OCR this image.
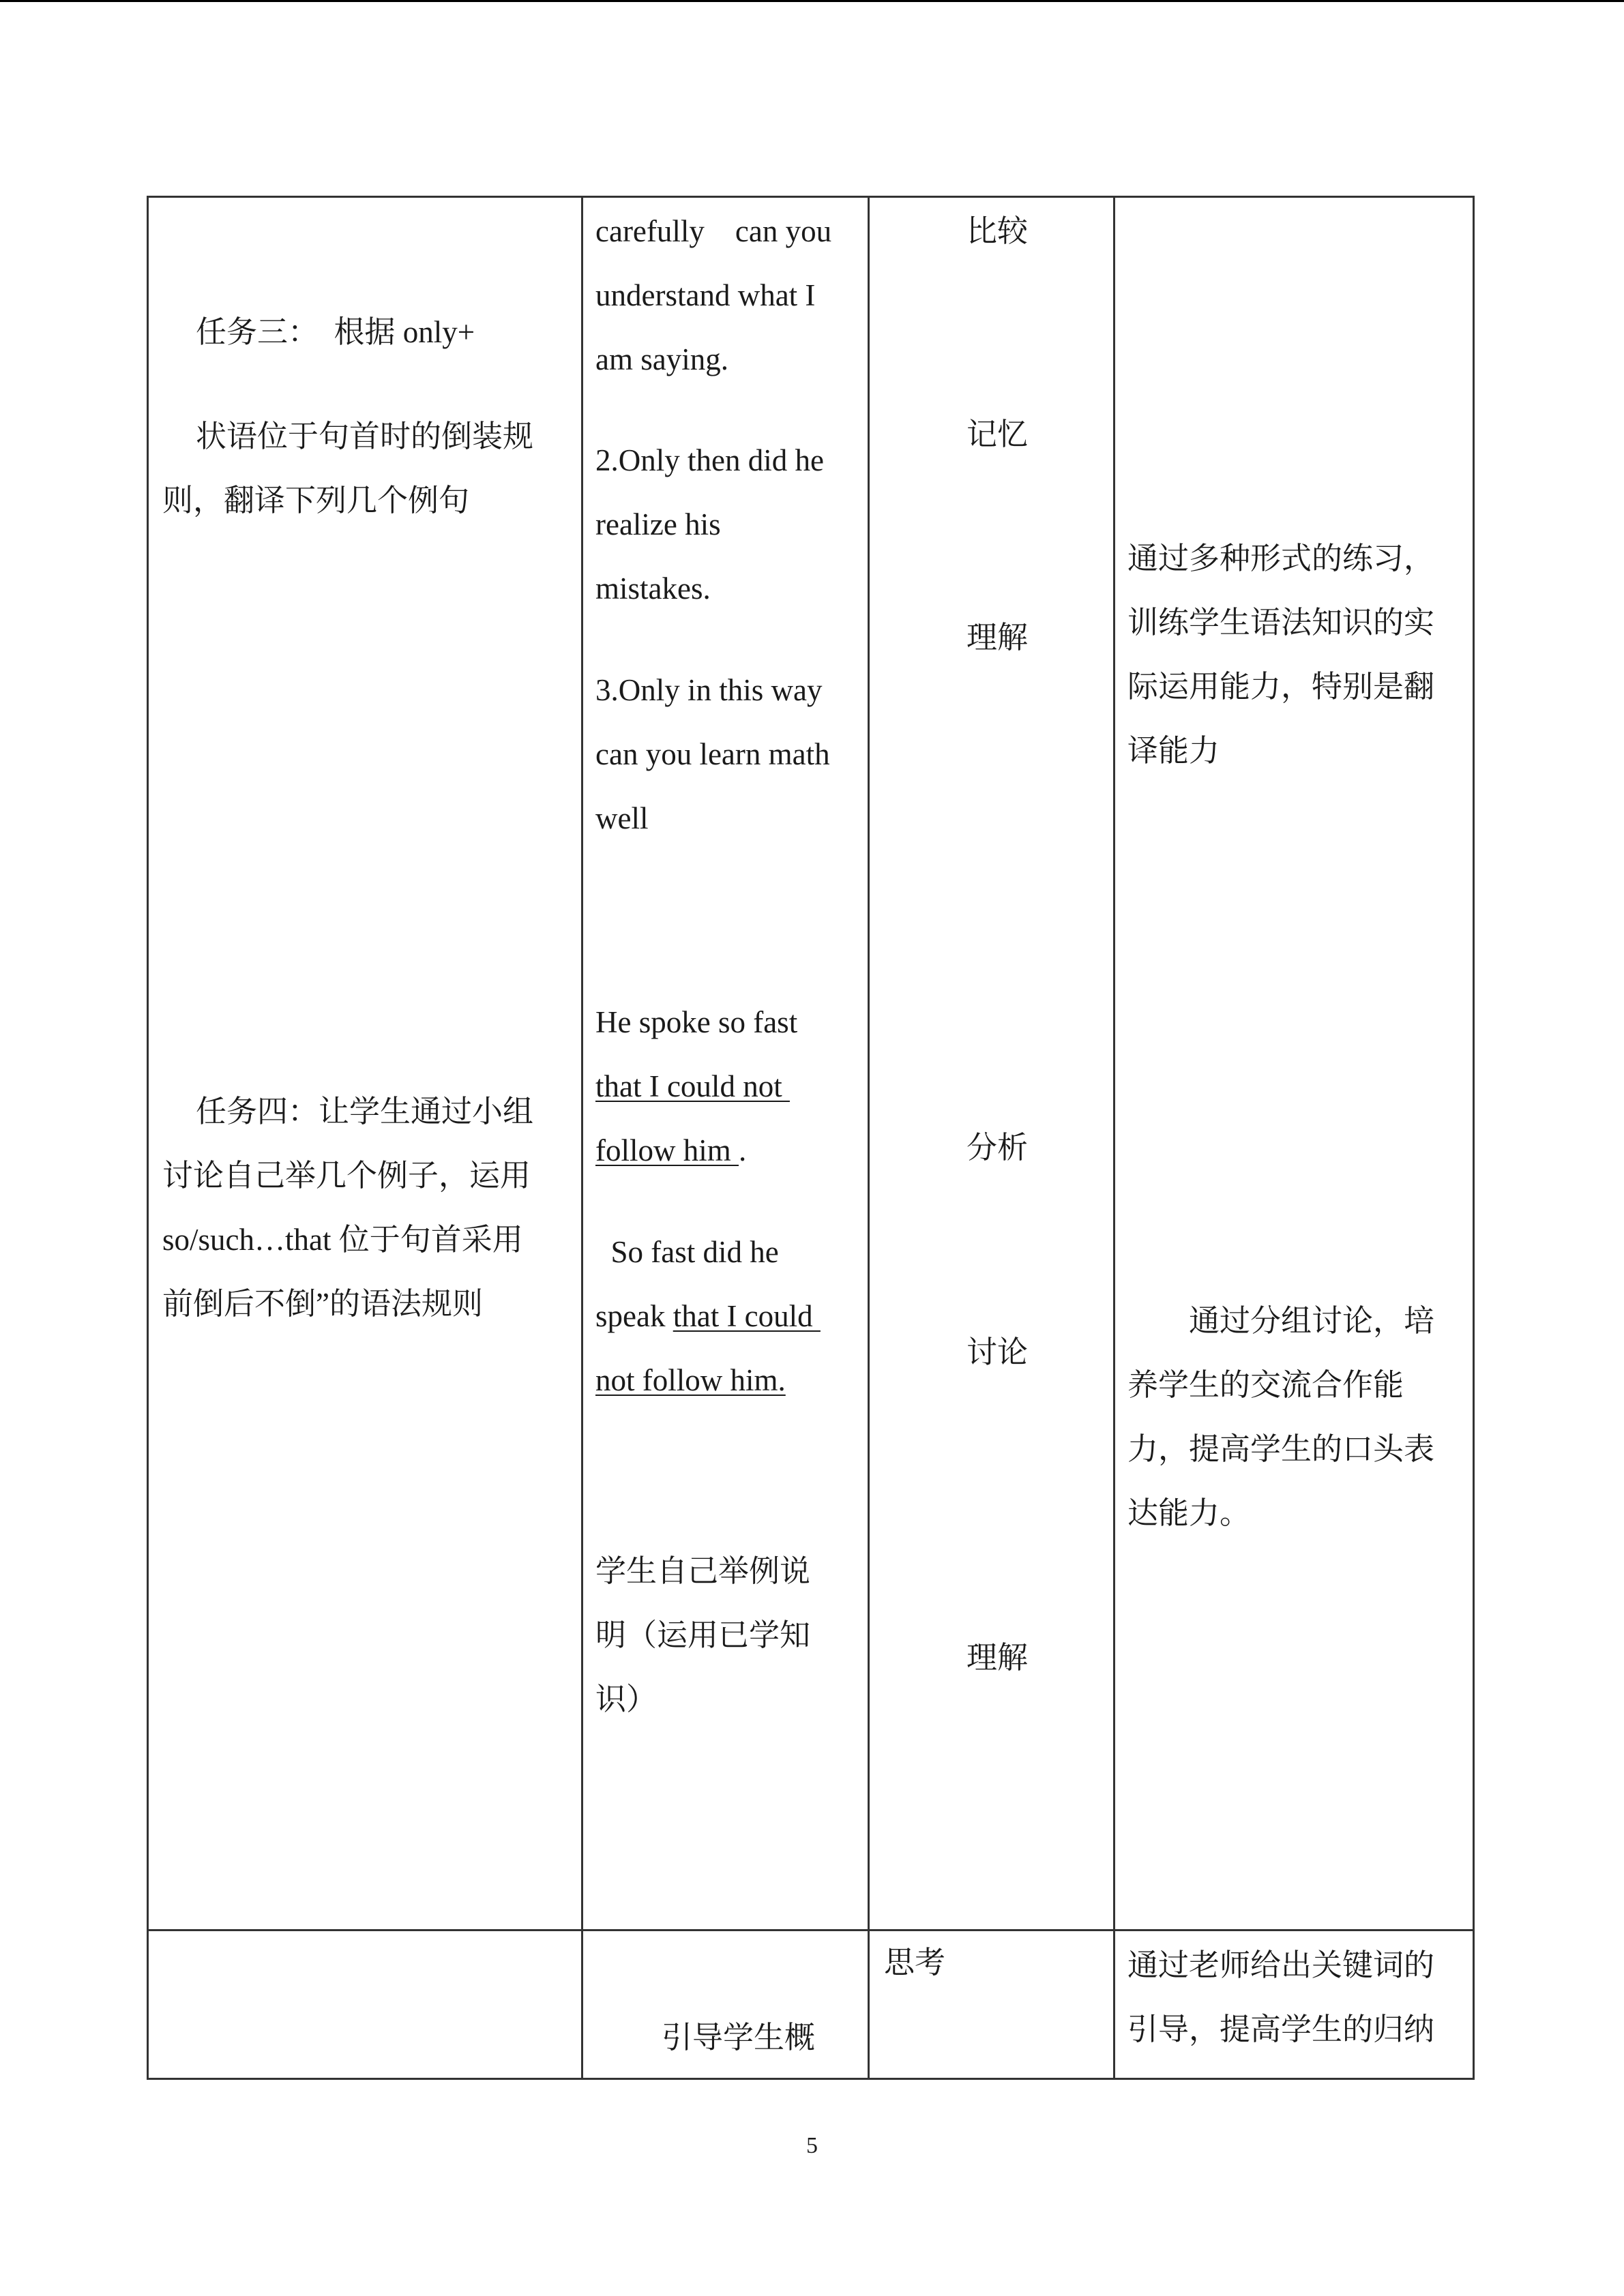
任务三：  根据 only+
状语位于句首时的倒装规
则，翻译下列几个例句
任务四：让学生通过小组
讨论自己举几个例子，运用
so/such…that 位于句首采用
前倒后不倒”的语法规则
carefully    can you
understand what I
am saying.
2.Only then did he
realize his
mistakes.
3.Only in this way
can you learn math
well
He spoke so fast
that I could not
follow him .
So fast did he
speak that I could
not follow him.
学生自己举例说
明（运用已学知
识）
比较
记忆
理解
分析
讨论
理解
通过多种形式的练习，
训练学生语法知识的实
际运用能力，特别是翻
译能力
通过分组讨论，培
养学生的交流合作能
力，提高学生的口头表
达能力。
引导学生概
思考	通过老师给出关键词的
引导，提高学生的归纳
5
